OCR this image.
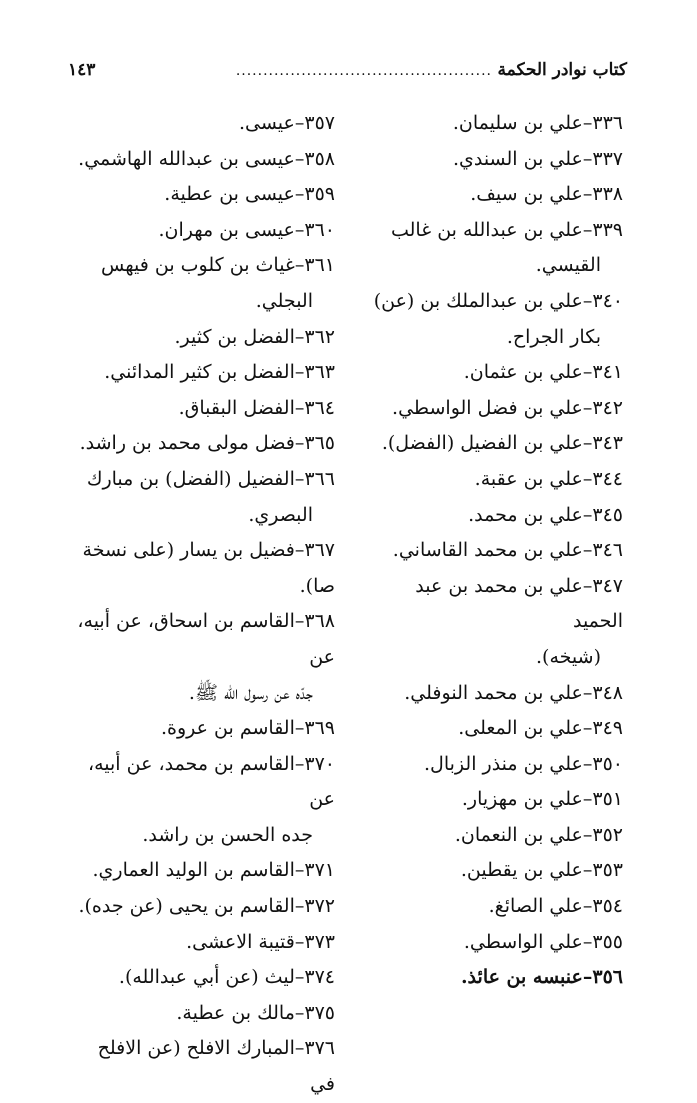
كتاب نوادر الحكمة
...............................................
١٤٣
٣٣٦–علي بن سليمان.
٣٣٧–علي بن السندي.
٣٣٨–علي بن سيف.
٣٣٩–علي بن عبدالله بن غالب
القيسي.
٣٤٠–علي بن عبدالملك بن (عن)
بكار الجراح.
٣٤١–علي بن عثمان.
٣٤٢–علي بن فضل الواسطي.
٣٤٣–علي بن الفضيل (الفضل).
٣٤٤–علي بن عقبة.
٣٤٥–علي بن محمد.
٣٤٦–علي بن محمد القاساني.
٣٤٧–علي بن محمد بن عبد الحميد
(شيخه).
٣٤٨–علي بن محمد النوفلي.
٣٤٩–علي بن المعلى.
٣٥٠–علي بن منذر الزبال.
٣٥١–علي بن مهزيار.
٣٥٢–علي بن النعمان.
٣٥٣–علي بن يقطين.
٣٥٤–علي الصائغ.
٣٥٥–علي الواسطي.
٣٥٦–عنبسه بن عائذ.
٣٥٧–عيسى.
٣٥٨–عيسى بن عبدالله الهاشمي.
٣٥٩–عيسى بن عطية.
٣٦٠–عيسى بن مهران.
٣٦١–غياث بن كلوب بن فيهس
البجلي.
٣٦٢–الفضل بن كثير.
٣٦٣–الفضل بن كثير المدائني.
٣٦٤–الفضل البقباق.
٣٦٥–فضل مولى محمد بن راشد.
٣٦٦–الفضيل (الفضل) بن مبارك
البصري.
٣٦٧–فضيل بن يسار (على نسخة صا).
٣٦٨–القاسم بن اسحاق، عن أبيه، عن
جدّه عن رسول الله ﷺ.
٣٦٩–القاسم بن عروة.
٣٧٠–القاسم بن محمد، عن أبيه، عن
جده الحسن بن راشد.
٣٧١–القاسم بن الوليد العماري.
٣٧٢–القاسم بن يحيى (عن جده).
٣٧٣–قتيبة الاعشى.
٣٧٤–ليث (عن أبي عبدالله).
٣٧٥–مالك بن عطية.
٣٧٦–المبارك الافلح (عن الافلح في
